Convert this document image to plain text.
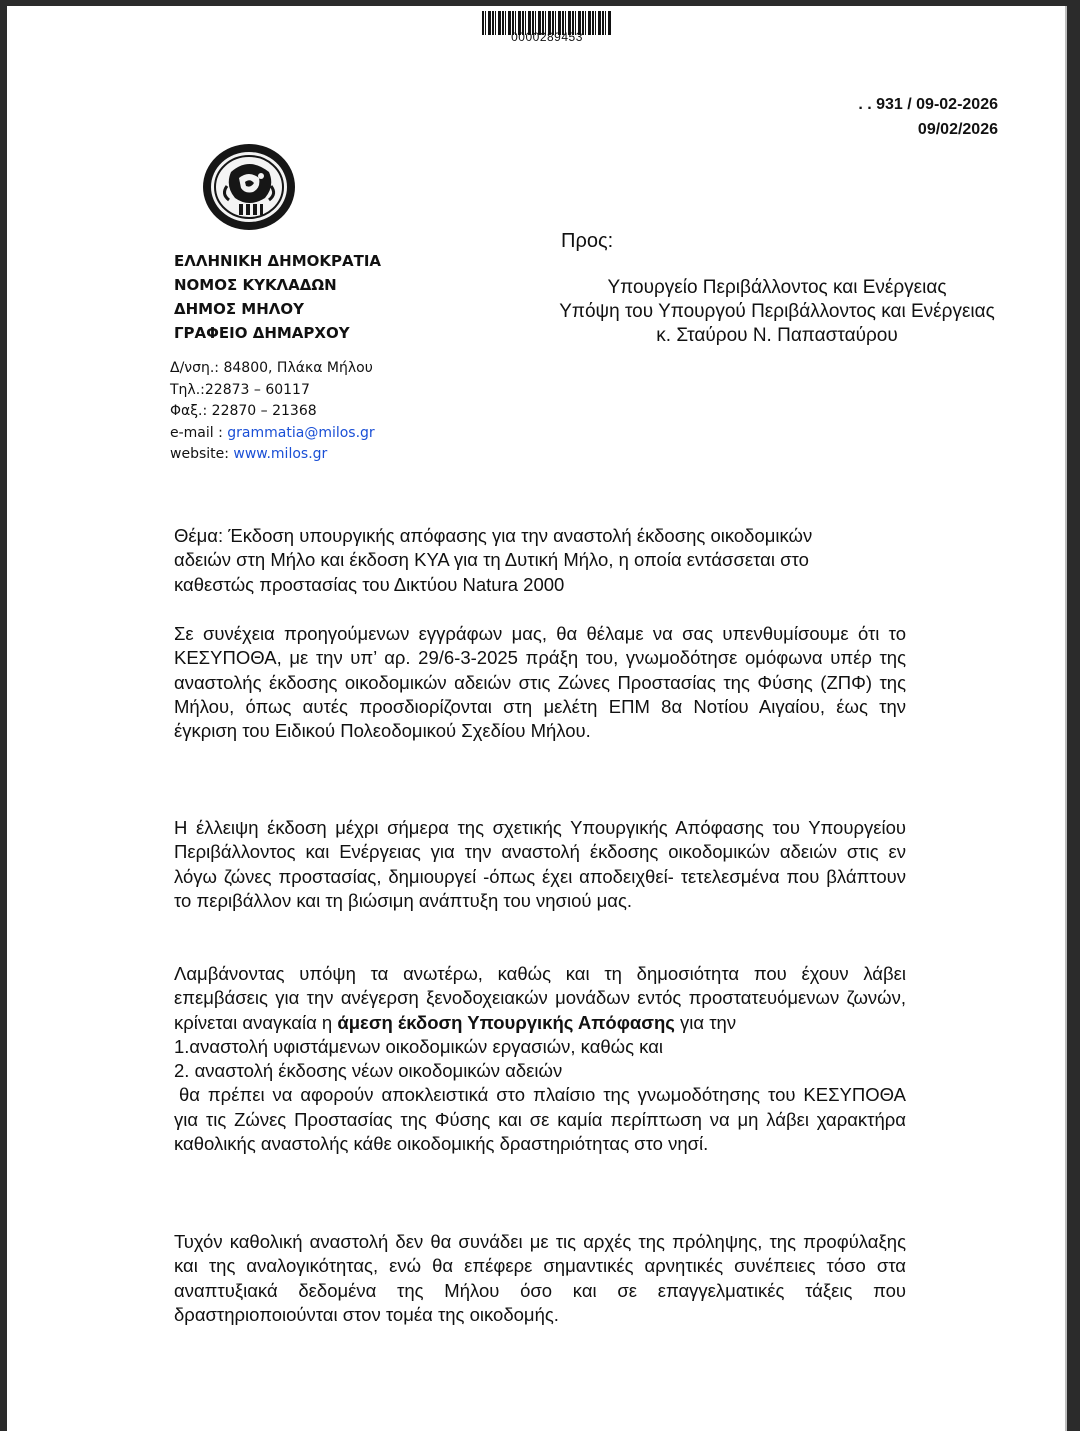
0000289453
. . 931 / 09-02-2026
09/02/2026
ΕΛΛΗΝΙΚΗ ΔΗΜΟΚΡΑΤΙΑ
ΝΟΜΟΣ ΚΥΚΛΑΔΩΝ
ΔΗΜΟΣ ΜΗΛΟΥ
ΓΡΑΦΕΙΟ ΔΗΜΑΡΧΟΥ
Δ/νση.: 84800, Πλάκα Μήλου
Τηλ.:22873 – 60117
Φαξ.: 22870 – 21368
e-mail : grammatia@milos.gr
website: www.milos.gr
Προς:
Υπουργείο Περιβάλλοντος και Ενέργειας
Υπόψη του Υπουργού Περιβάλλοντος και Ενέργειας
κ. Σταύρου Ν. Παπασταύρου
Θέμα: Έκδοση υπουργικής απόφασης για την αναστολή έκδοσης οικοδομικών
αδειών στη Μήλο και έκδοση ΚΥΑ για τη Δυτική Μήλο, η οποία εντάσσεται στο
καθεστώς προστασίας του Δικτύου Natura 2000
Σε συνέχεια προηγούμενων εγγράφων μας, θα θέλαμε να σας υπενθυμίσουμε ότι το ΚΕΣΥΠΟΘΑ, με την υπ’ αρ. 29/6-3-2025 πράξη του, γνωμοδότησε ομόφωνα υπέρ της αναστολής έκδοσης οικοδομικών αδειών στις Ζώνες Προστασίας της Φύσης (ΖΠΦ) της Μήλου, όπως αυτές προσδιορίζονται στη μελέτη ΕΠΜ 8α Νοτίου Αιγαίου, έως την έγκριση του Ειδικού Πολεοδομικού Σχεδίου Μήλου.
Η έλλειψη έκδοση μέχρι σήμερα της σχετικής Υπουργικής Απόφασης του Υπουργείου Περιβάλλοντος και Ενέργειας για την αναστολή έκδοσης οικοδομικών αδειών στις εν λόγω ζώνες προστασίας, δημιουργεί -όπως έχει αποδειχθεί- τετελεσμένα που βλάπτουν το περιβάλλον και τη βιώσιμη ανάπτυξη του νησιού μας.
Λαμβάνοντας υπόψη τα ανωτέρω, καθώς και τη δημοσιότητα που έχουν λάβει επεμβάσεις για την ανέγερση ξενοδοχειακών μονάδων εντός προστατευόμενων ζωνών, κρίνεται αναγκαία η άμεση έκδοση Υπουργικής Απόφασης για την
1.αναστολή υφιστάμενων οικοδομικών εργασιών, καθώς και
2. αναστολή έκδοσης νέων οικοδομικών αδειών
θα πρέπει να αφορούν αποκλειστικά στο πλαίσιο της γνωμοδότησης του ΚΕΣΥΠΟΘΑ για τις Ζώνες Προστασίας της Φύσης και σε καμία περίπτωση να μη λάβει χαρακτήρα καθολικής αναστολής κάθε οικοδομικής δραστηριότητας στο νησί.
Τυχόν καθολική αναστολή δεν θα συνάδει με τις αρχές της πρόληψης, της προφύλαξης και της αναλογικότητας, ενώ θα επέφερε σημαντικές αρνητικές συνέπειες τόσο στα αναπτυξιακά δεδομένα της Μήλου όσο και σε επαγγελματικές τάξεις που δραστηριοποιούνται στον τομέα της οικοδομής.
